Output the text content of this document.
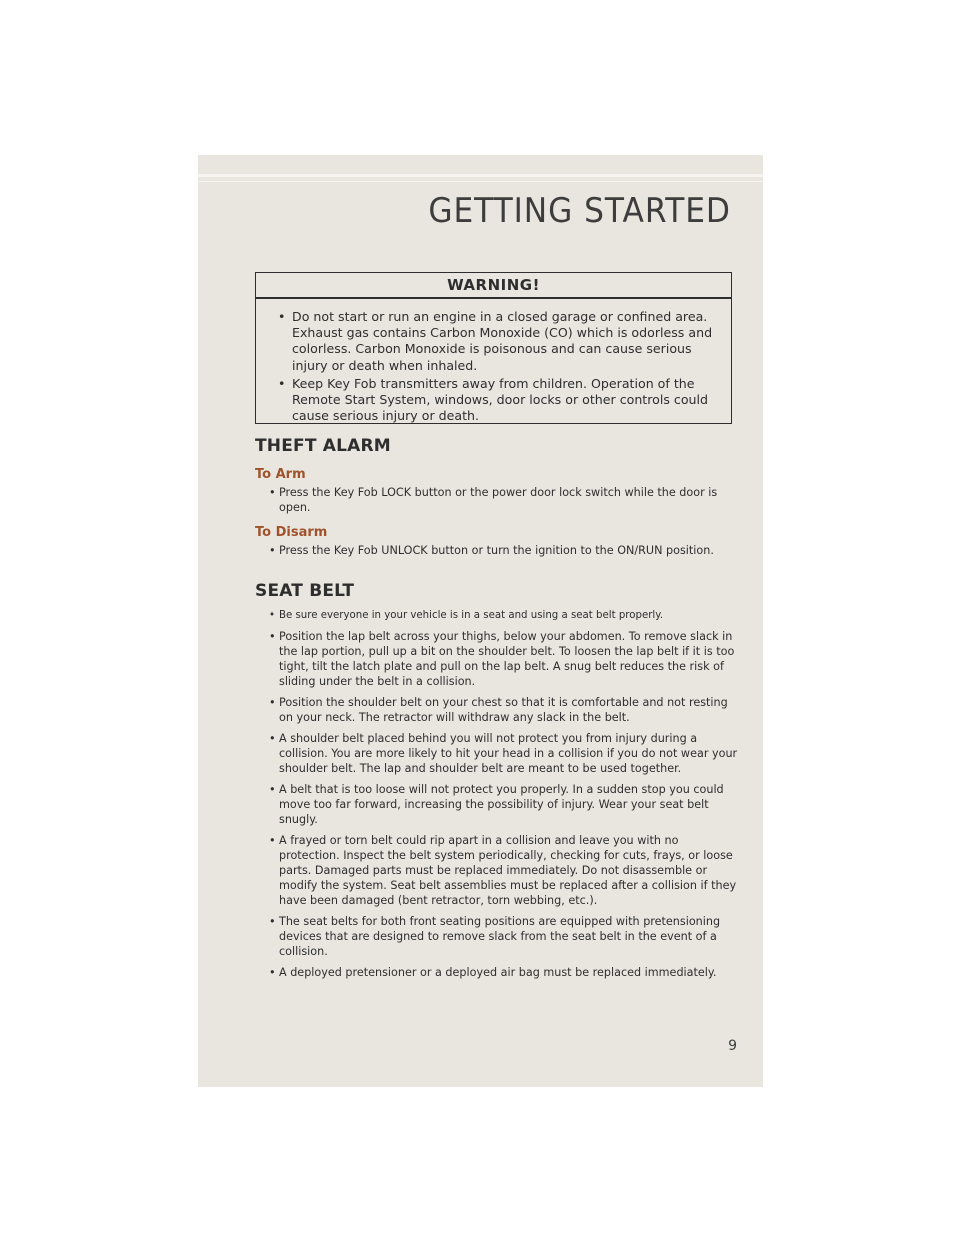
GETTING STARTED
WARNING!
• Do not start or run an engine in a closed garage or confined area. Exhaust gas contains Carbon Monoxide (CO) which is odorless and colorless. Carbon Monoxide is poisonous and can cause serious injury or death when inhaled.
• Keep Key Fob transmitters away from children. Operation of the Remote Start System, windows, door locks or other controls could cause serious injury or death.
THEFT ALARM
To Arm
• Press the Key Fob LOCK button or the power door lock switch while the door is open.
To Disarm
• Press the Key Fob UNLOCK button or turn the ignition to the ON/RUN position.
SEAT BELT
• Be sure everyone in your vehicle is in a seat and using a seat belt properly.
• Position the lap belt across your thighs, below your abdomen. To remove slack in the lap portion, pull up a bit on the shoulder belt. To loosen the lap belt if it is too tight, tilt the latch plate and pull on the lap belt. A snug belt reduces the risk of sliding under the belt in a collision.
• Position the shoulder belt on your chest so that it is comfortable and not resting on your neck. The retractor will withdraw any slack in the belt.
• A shoulder belt placed behind you will not protect you from injury during a collision. You are more likely to hit your head in a collision if you do not wear your shoulder belt. The lap and shoulder belt are meant to be used together.
• A belt that is too loose will not protect you properly. In a sudden stop you could move too far forward, increasing the possibility of injury. Wear your seat belt snugly.
• A frayed or torn belt could rip apart in a collision and leave you with no protection. Inspect the belt system periodically, checking for cuts, frays, or loose parts. Damaged parts must be replaced immediately. Do not disassemble or modify the system. Seat belt assemblies must be replaced after a collision if they have been damaged (bent retractor, torn webbing, etc.).
• The seat belts for both front seating positions are equipped with pretensioning devices that are designed to remove slack from the seat belt in the event of a collision.
• A deployed pretensioner or a deployed air bag must be replaced immediately.
9
